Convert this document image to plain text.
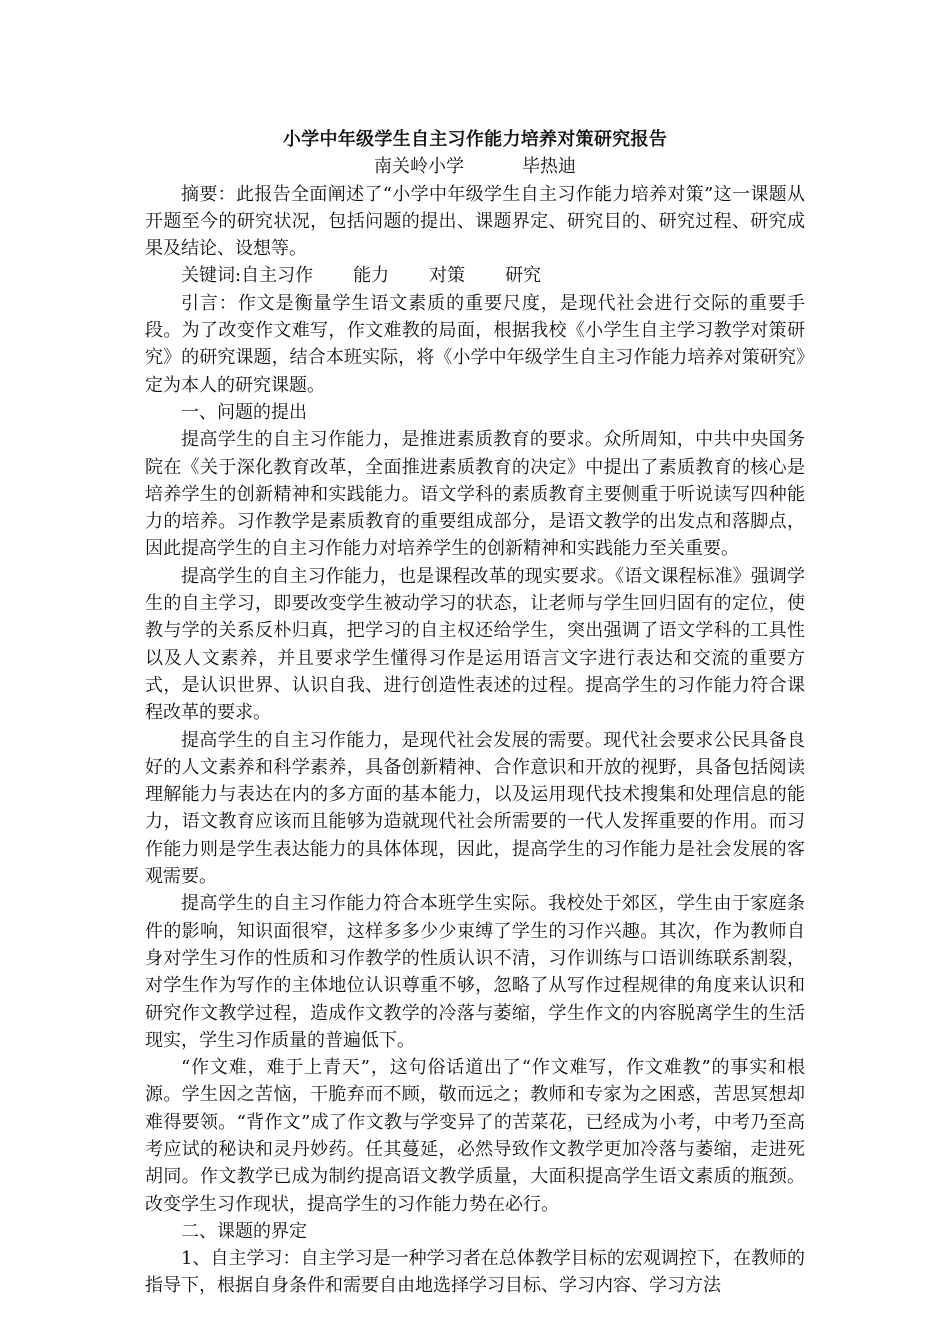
小学中年级学生自主习作能力培养对策研究报告
南关岭小学	毕热迪

摘要：此报告全面阐述了“小学中年级学生自主习作能力培养对策”这一课题从开题至今的研究状况，包括问题的提出、课题界定、研究目的、研究过程、研究成果及结论、设想等。

关键词:自主习作 能力 对策 研究

引言：作文是衡量学生语文素质的重要尺度，是现代社会进行交际的重要手段。为了改变作文难写，作文难教的局面，根据我校《小学生自主学习教学对策研究》的研究课题，结合本班实际，将《小学中年级学生自主习作能力培养对策研究》定为本人的研究课题。

一、问题的提出

提高学生的自主习作能力，是推进素质教育的要求。众所周知，中共中央国务院在《关于深化教育改革，全面推进素质教育的决定》中提出了素质教育的核心是培养学生的创新精神和实践能力。语文学科的素质教育主要侧重于听说读写四种能力的培养。习作教学是素质教育的重要组成部分，是语文教学的出发点和落脚点，因此提高学生的自主习作能力对培养学生的创新精神和实践能力至关重要。

提高学生的自主习作能力，也是课程改革的现实要求。《语文课程标准》强调学生的自主学习，即要改变学生被动学习的状态，让老师与学生回归固有的定位，使教与学的关系反朴归真，把学习的自主权还给学生，突出强调了语文学科的工具性以及人文素养，并且要求学生懂得习作是运用语言文字进行表达和交流的重要方式，是认识世界、认识自我、进行创造性表述的过程。提高学生的习作能力符合课程改革的要求。

提高学生的自主习作能力，是现代社会发展的需要。现代社会要求公民具备良好的人文素养和科学素养，具备创新精神、合作意识和开放的视野，具备包括阅读理解能力与表达在内的多方面的基本能力，以及运用现代技术搜集和处理信息的能力，语文教育应该而且能够为造就现代社会所需要的一代人发挥重要的作用。而习作能力则是学生表达能力的具体体现，因此，提高学生的习作能力是社会发展的客观需要。

提高学生的自主习作能力符合本班学生实际。我校处于郊区，学生由于家庭条件的影响，知识面很窄，这样多多少少束缚了学生的习作兴趣。其次，作为教师自身对学生习作的性质和习作教学的性质认识不清，习作训练与口语训练联系割裂，对学生作为写作的主体地位认识尊重不够，忽略了从写作过程规律的角度来认识和研究作文教学过程，造成作文教学的冷落与萎缩，学生作文的内容脱离学生的生活现实，学生习作质量的普遍低下。

“作文难，难于上青天”，这句俗话道出了“作文难写，作文难教”的事实和根源。学生因之苦恼，干脆弃而不顾，敬而远之；教师和专家为之困惑，苦思冥想却难得要领。“背作文”成了作文教与学变异了的苦菜花，已经成为小考，中考乃至高考应试的秘诀和灵丹妙药。任其蔓延，必然导致作文教学更加冷落与萎缩，走进死胡同。作文教学已成为制约提高语文教学质量，大面积提高学生语文素质的瓶颈。改变学生习作现状，提高学生的习作能力势在必行。

二、课题的界定

1、自主学习：自主学习是一种学习者在总体教学目标的宏观调控下，在教师的指导下，根据自身条件和需要自由地选择学习目标、学习内容、学习方法
